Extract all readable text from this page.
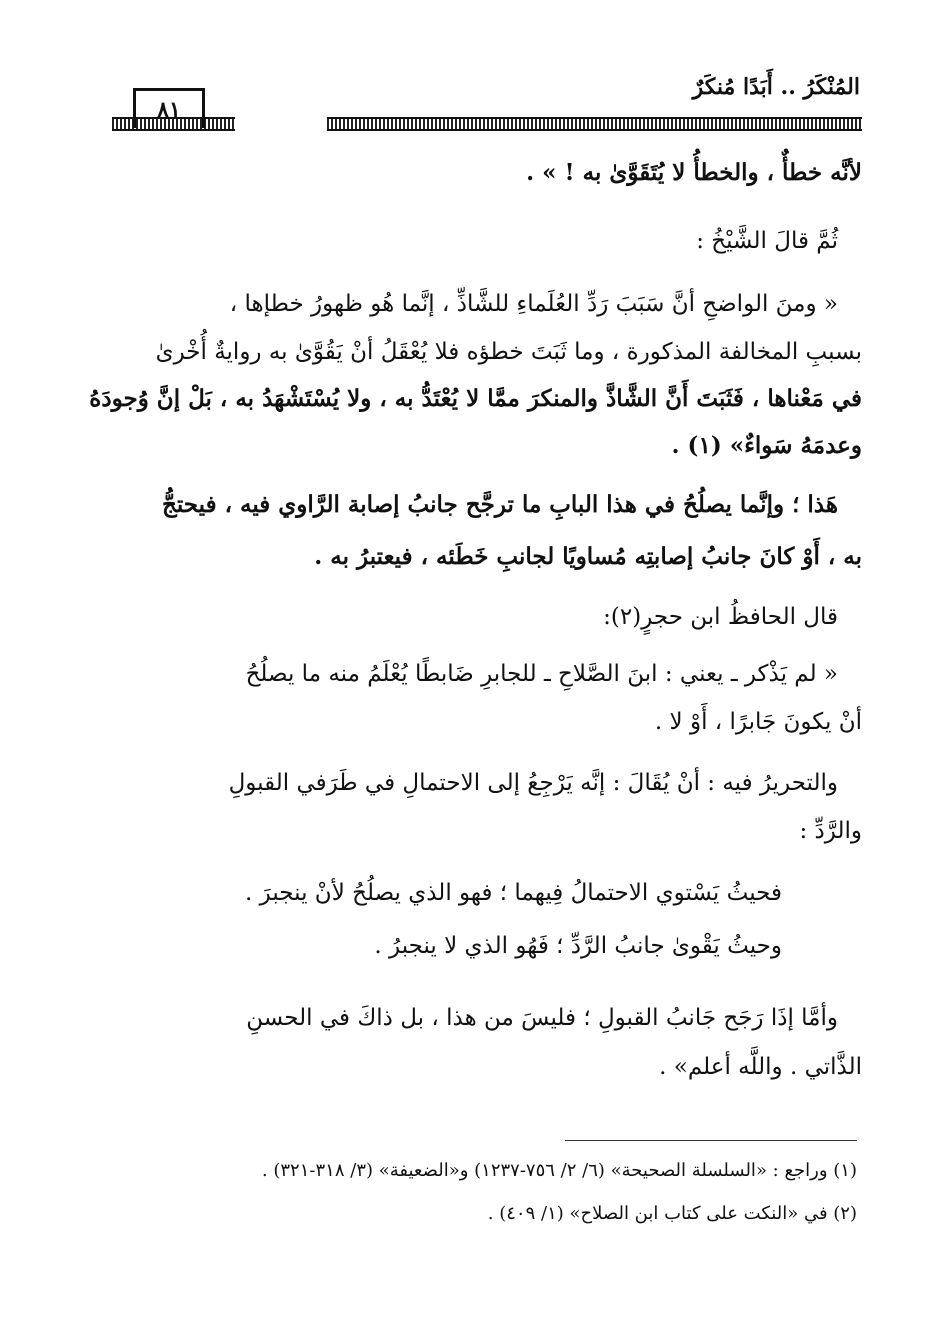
المُنْكَرُ .. أَبَدًا مُنكَرٌ
٨١
لأنَّه خطأٌ ، والخطأُ لا يُتَقَوَّىٰ به ! » .
ثُمَّ قالَ الشَّيْخُ :
« ومنَ الواضحِ أنَّ سَبَبَ رَدِّ العُلَماءِ للشَّاذِّ ، إنَّما هُو ظهورُ خطإها ،
بسببِ المخالفة المذكورة ، وما ثَبَتَ خطؤه فلا يُعْقَلُ أنْ يَقُوَّىٰ به روايةٌ أُخْرىٰ
في مَعْناها ، فَثَبَتَ أَنَّ الشَّاذَّ والمنكرَ ممَّا لا يُعْتَدُّ به ، ولا يُسْتَشْهَدُ به ، بَلْ إنَّ وُجودَهُ
وعدمَهُ سَواءٌ» (١) .
هَذا ؛ وإنَّما يصلُحُ في هذا البابِ ما ترجَّح جانبُ إصابة الرَّاوي فيه ، فيحتجُّ
به ، أَوْ كانَ جانبُ إصابتِه مُساويًا لجانبِ خَطَئه ، فيعتبرُ به .
قال الحافظُ ابن حجرٍ(٢):
« لم يَذْكر ـ يعني : ابنَ الصَّلاحِ ـ للجابرِ ضَابطًا يُعْلَمُ منه ما يصلُحُ
أنْ يكونَ جَابرًا ، أَوْ لا .
والتحريرُ فيه : أنْ يُقَالَ : إنَّه يَرْجِعُ إلى الاحتمالِ في طَرَفي القبولِ
والرَّدِّ :
فحيثُ يَسْتوي الاحتمالُ فِيهما ؛ فهو الذي يصلُحُ لأنْ ينجبرَ .
وحيثُ يَقْوىٰ جانبُ الرَّدِّ ؛ فَهُو الذي لا ينجبرُ .
وأمَّا إذَا رَجَح جَانبُ القبولِ ؛ فليسَ من هذا ، بل ذاكَ في الحسنِ
الذَّاتي . واللَّه أعلم» .
(١) وراجع : «السلسلة الصحيحة» (٦/ ٢/ ٧٥٦-١٢٣٧) و«الضعيفة» (٣/ ٣١٨-٣٢١) .
(٢) في «النكت على كتاب ابن الصلاح» (١/ ٤٠٩) .
